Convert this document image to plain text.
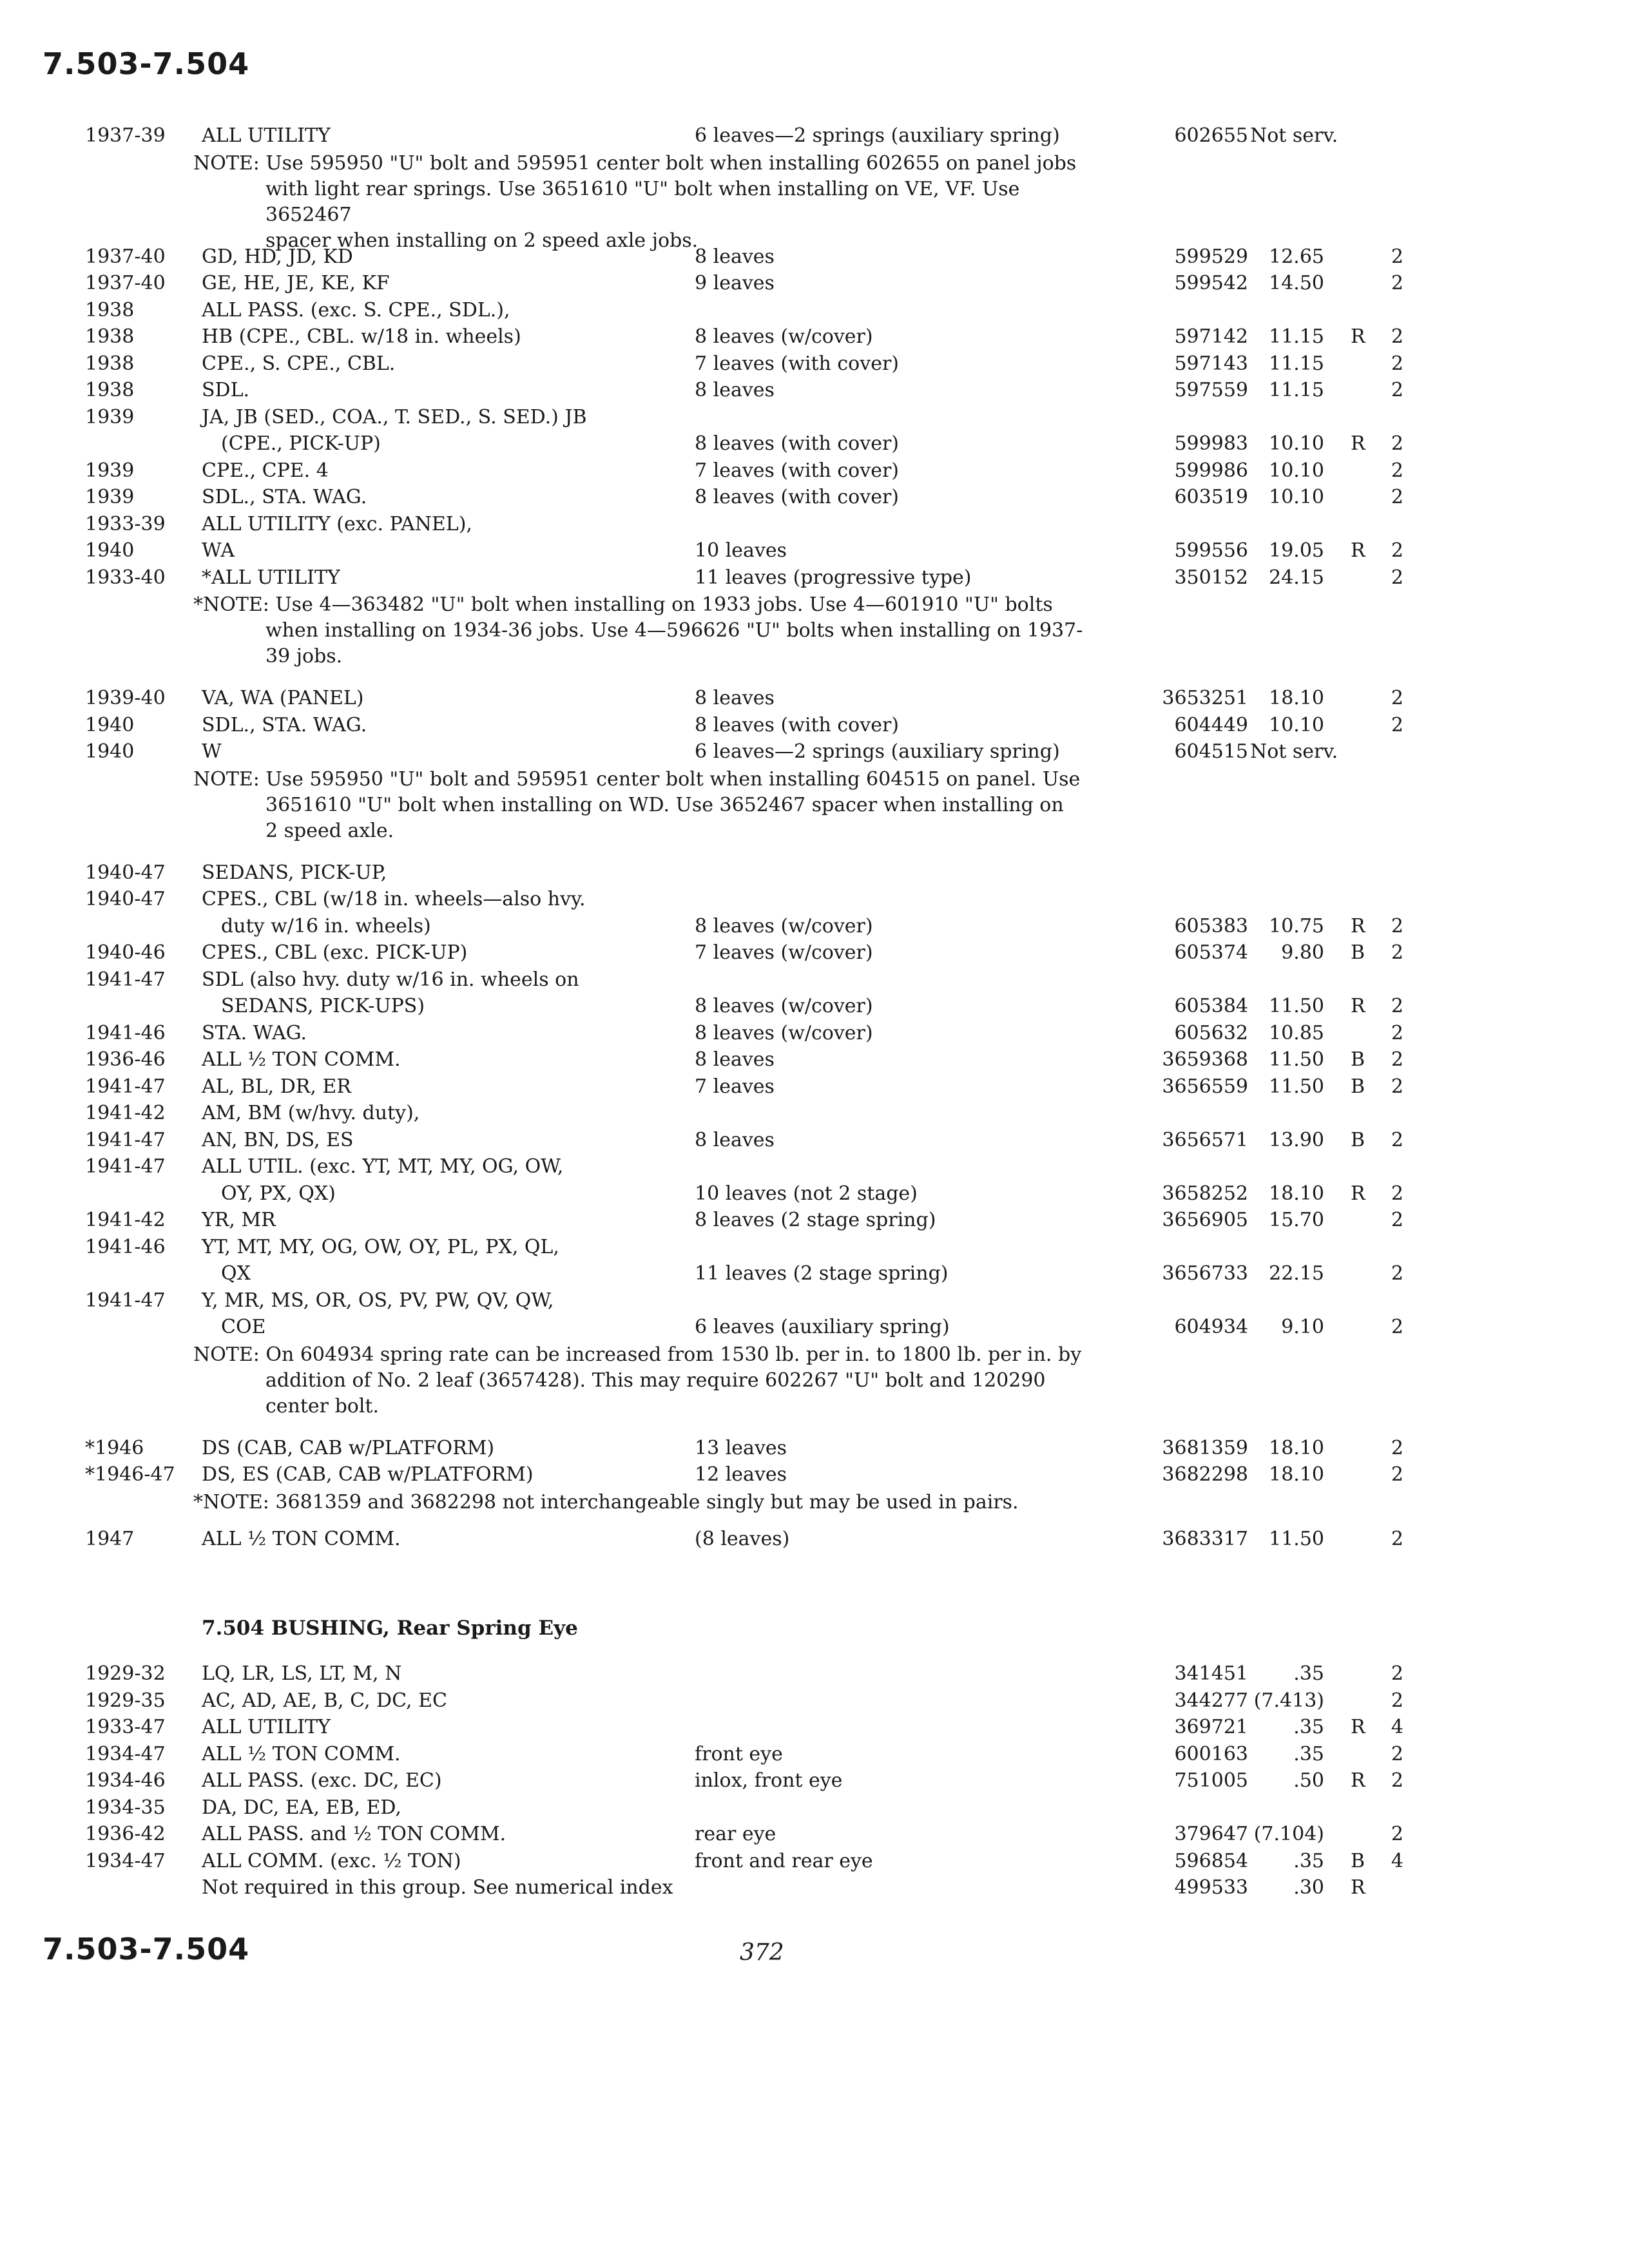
7.503-7.504
1937-39 ALL UTILITY	6 leaves—2 springs (auxiliary spring)	602655 Not serv.
NOTE: Use 595950 "U" bolt and 595951 center bolt when installing 602655 on panel jobs
with light rear springs. Use 3651610 "U" bolt when installing on VE, VF. Use 3652467
spacer when installing on 2 speed axle jobs.
1937-40 GD, HD, JD, KD	8 leaves	599529	12.65	2
1937-40 GE, HE, JE, KE, KF	9 leaves	599542	14.50	2
1938	ALL PASS. (exc. S. CPE., SDL.),
1938	HB (CPE., CBL. w/18 in. wheels)	8 leaves (w/cover)	597142	11.15 R 2
1938	CPE., S. CPE., CBL.	7 leaves (with cover)	597143	11.15	2
1938	SDL.	8 leaves	597559	11.15	2
1939	JA, JB (SED., COA., T. SED., S. SED.) JB
(CPE., PICK-UP)	8 leaves (with cover)	599983	10.10 R 2
1939	CPE., CPE. 4	7 leaves (with cover)	599986	10.10	2
1939	SDL., STA. WAG.	8 leaves (with cover)	603519	10.10	2
1933-39 ALL UTILITY (exc. PANEL),
1940	WA	10 leaves	599556	19.05 R 2
1933-40 *ALL UTILITY	11 leaves (progressive type)	350152	24.15	2
*NOTE: Use 4—363482 "U" bolt when installing on 1933 jobs. Use 4—601910 "U" bolts
when installing on 1934-36 jobs. Use 4—596626 "U" bolts when installing on 1937-
39 jobs.
1939-40 VA, WA (PANEL)	8 leaves	3653251	18.10	2
1940	SDL., STA. WAG.	8 leaves (with cover)	604449	10.10	2
1940	W	6 leaves—2 springs (auxiliary spring)	604515 Not serv.
NOTE: Use 595950 "U" bolt and 595951 center bolt when installing 604515 on panel. Use
3651610 "U" bolt when installing on WD. Use 3652467 spacer when installing on
2 speed axle.
1940-47 SEDANS, PICK-UP,
1940-47 CPES., CBL (w/18 in. wheels—also hvy.
duty w/16 in. wheels)	8 leaves (w/cover)	605383	10.75 R 2
1940-46 CPES., CBL (exc. PICK-UP)	7 leaves (w/cover)	605374	9.80 B 2
1941-47 SDL (also hvy. duty w/16 in. wheels on
SEDANS, PICK-UPS)	8 leaves (w/cover)	605384	11.50 R 2
1941-46 STA. WAG.	8 leaves (w/cover)	605632	10.85	2
1936-46 ALL ½ TON COMM.	8 leaves	3659368	11.50 B 2
1941-47 AL, BL, DR, ER	7 leaves	3656559	11.50 B 2
1941-42 AM, BM (w/hvy. duty),
1941-47 AN, BN, DS, ES	8 leaves	3656571	13.90 B 2
1941-47 ALL UTIL. (exc. YT, MT, MY, OG, OW,
OY, PX, QX)	10 leaves (not 2 stage)	3658252	18.10 R 2
1941-42 YR, MR	8 leaves (2 stage spring)	3656905	15.70	2
1941-46 YT, MT, MY, OG, OW, OY, PL, PX, QL,
QX	11 leaves (2 stage spring)	3656733	22.15	2
1941-47 Y, MR, MS, OR, OS, PV, PW, QV, QW,
COE	6 leaves (auxiliary spring)	604934	9.10	2
NOTE: On 604934 spring rate can be increased from 1530 lb. per in. to 1800 lb. per in. by
addition of No. 2 leaf (3657428). This may require 602267 "U" bolt and 120290
center bolt.
*1946	DS (CAB, CAB w/PLATFORM)	13 leaves	3681359	18.10	2
*1946-47 DS, ES (CAB, CAB w/PLATFORM)	12 leaves	3682298	18.10	2
*NOTE: 3681359 and 3682298 not interchangeable singly but may be used in pairs.
1947	ALL ½ TON COMM.	(8 leaves)	3683317	11.50	2
7.504 BUSHING, Rear Spring Eye
1929-32 LQ, LR, LS, LT, M, N	341451	.35	2
1929-35 AC, AD, AE, B, C, DC, EC	344277 (7.413)	2
1933-47 ALL UTILITY	369721	.35 R 4
1934-47 ALL ½ TON COMM.	front eye	600163	.35	2
1934-46 ALL PASS. (exc. DC, EC)	inlox, front eye	751005	.50 R 2
1934-35 DA, DC, EA, EB, ED,
1936-42 ALL PASS. and ½ TON COMM.	rear eye	379647 (7.104)	2
1934-47 ALL COMM. (exc. ½ TON)	front and rear eye	596854	.35 B 4
Not required in this group. See numerical index	499533	.30 R
7.503-7.504	372
